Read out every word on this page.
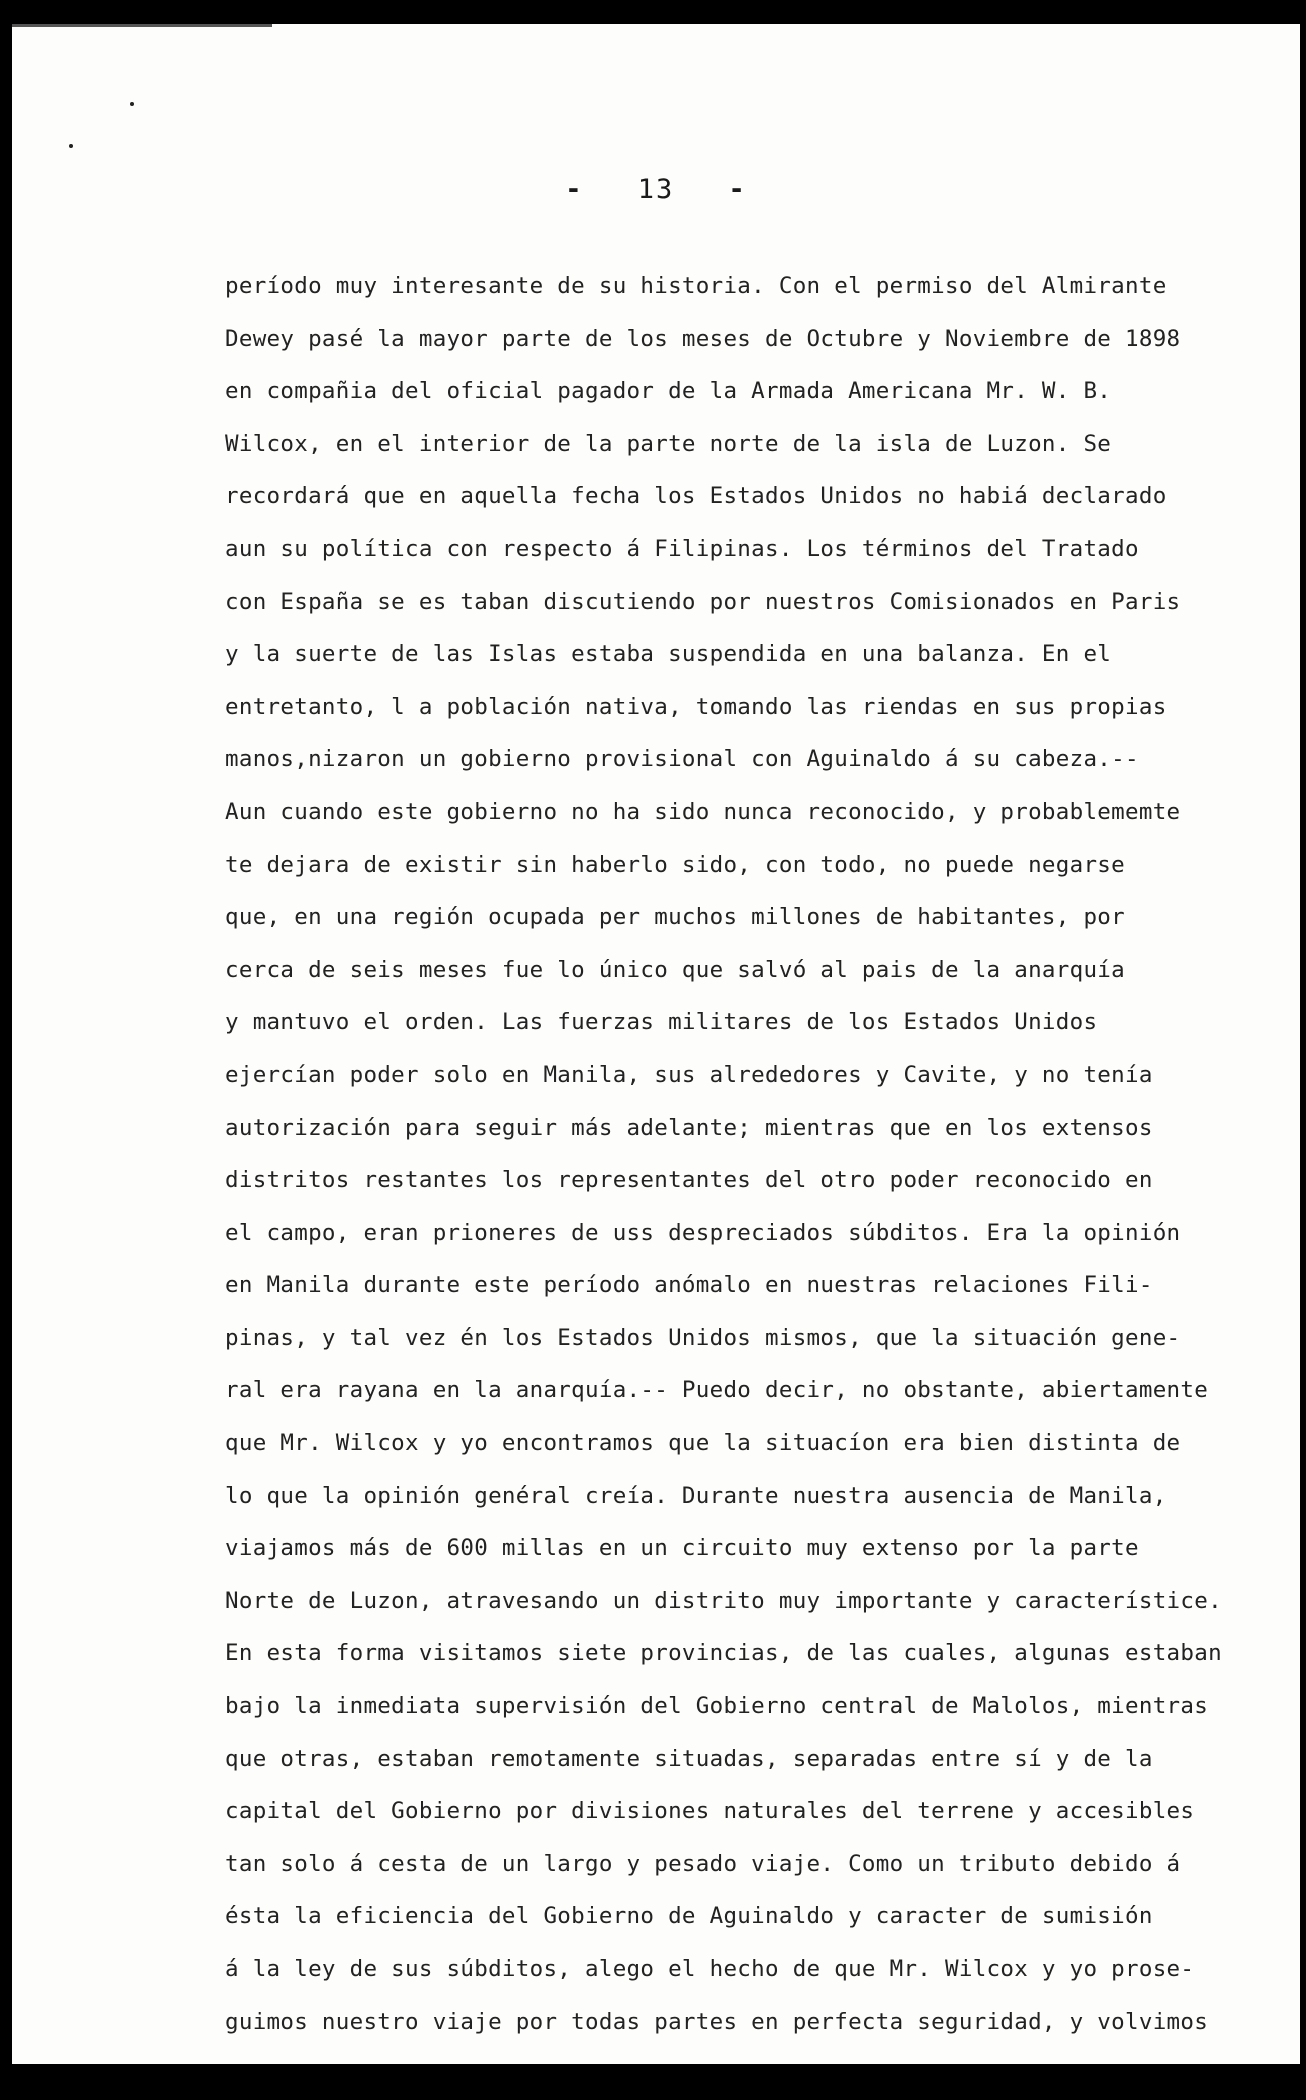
- 13 -
período muy interesante de su historia. Con el permiso del Almirante
Dewey pasé la mayor parte de los meses de Octubre y Noviembre de 1898
en compañia del oficial pagador de la Armada Americana Mr. W. B.
Wilcox, en el interior de la parte norte de la isla de Luzon. Se
recordará que en aquella fecha los Estados Unidos no habiá declarado
aun su política con respecto á Filipinas. Los términos del Tratado
con España se es taban discutiendo por nuestros Comisionados en Paris
y la suerte de las Islas estaba suspendida en una balanza. En el
entretanto, l a población nativa, tomando las riendas en sus propias
manos,nizaron un gobierno provisional con Aguinaldo á su cabeza.--
Aun cuando este gobierno no ha sido nunca reconocido, y probablememte
te dejara de existir sin haberlo sido, con todo, no puede negarse
que, en una región ocupada per muchos millones de habitantes, por
cerca de seis meses fue lo único que salvó al pais de la anarquía
y mantuvo el orden. Las fuerzas militares de los Estados Unidos
ejercían poder solo en Manila, sus alrededores y Cavite, y no tenía
autorización para seguir más adelante; mientras que en los extensos
distritos restantes los representantes del otro poder reconocido en
el campo, eran prioneres de uss despreciados súbditos. Era la opinión
en Manila durante este período anómalo en nuestras relaciones Fili-
pinas, y tal vez én los Estados Unidos mismos, que la situación gene-
ral era rayana en la anarquía.-- Puedo decir, no obstante, abiertamente
que Mr. Wilcox y yo encontramos que la situacíon era bien distinta de
lo que la opinión genéral creía. Durante nuestra ausencia de Manila,
viajamos más de 600 millas en un circuito muy extenso por la parte
Norte de Luzon, atravesando un distrito muy importante y característice.
En esta forma visitamos siete provincias, de las cuales, algunas estaban
bajo la inmediata supervisión del Gobierno central de Malolos, mientras
que otras, estaban remotamente situadas, separadas entre sí y de la
capital del Gobierno por divisiones naturales del terrene y accesibles
tan solo á cesta de un largo y pesado viaje. Como un tributo debido á
ésta la eficiencia del Gobierno de Aguinaldo y caracter de sumisión
á la ley de sus súbditos, alego el hecho de que Mr. Wilcox y yo prose-
guimos nuestro viaje por todas partes en perfecta seguridad, y volvimos
